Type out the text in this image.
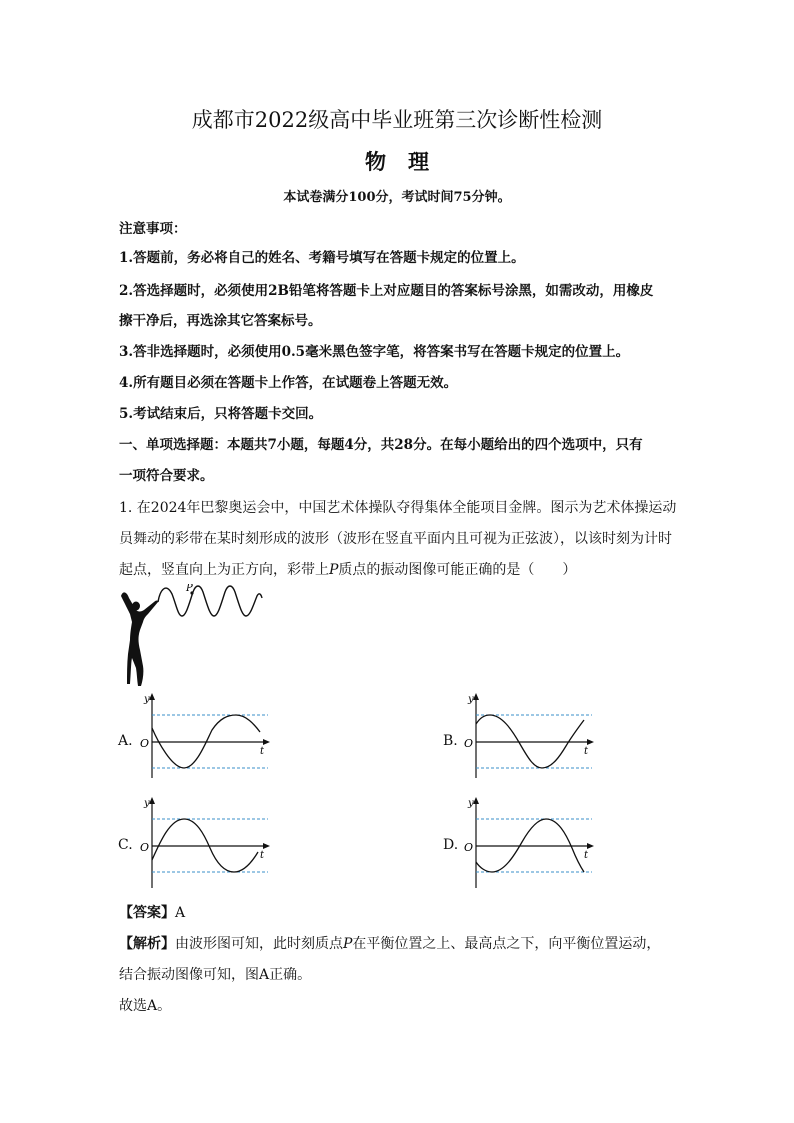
成都市2022级高中毕业班第三次诊断性检测
物理
本试卷满分100分，考试时间75分钟。
注意事项：
1.答题前，务必将自己的姓名、考籍号填写在答题卡规定的位置上。
2.答选择题时，必须使用2B铅笔将答题卡上对应题目的答案标号涂黑，如需改动，用橡皮
擦干净后，再选涂其它答案标号。
3.答非选择题时，必须使用0.5毫米黑色签字笔，将答案书写在答题卡规定的位置上。
4.所有题目必须在答题卡上作答，在试题卷上答题无效。
5.考试结束后，只将答题卡交回。
一、单项选择题：本题共7小题，每题4分，共28分。在每小题给出的四个选项中，只有
一项符合要求。
1. 在2024年巴黎奥运会中，中国艺术体操队夺得集体全能项目金牌。图示为艺术体操运动
员舞动的彩带在某时刻形成的波形（波形在竖直平面内且可视为正弦波），以该时刻为计时
起点，竖直向上为正方向，彩带上P质点的振动图像可能正确的是（　　）
P
A.
y
t
O	B.
y
t
O
C.
y
t
O	D.
y
t
O
【答案】A
【解析】由波形图可知，此时刻质点P在平衡位置之上、最高点之下，向平衡位置运动，
结合振动图像可知，图A正确。
故选A。
